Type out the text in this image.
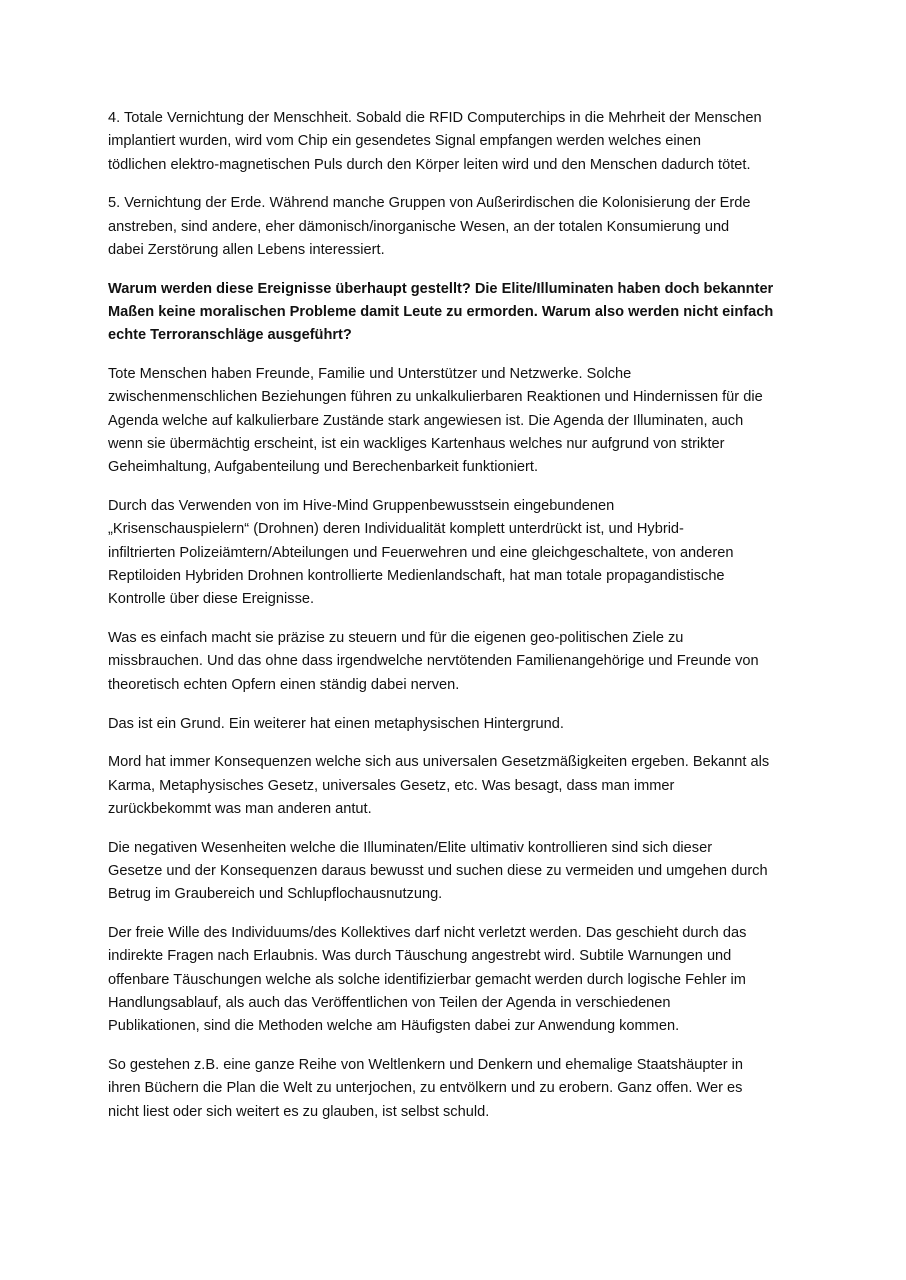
4. Totale Vernichtung der Menschheit. Sobald die RFID Computerchips in die Mehrheit der Menschen
implantiert wurden, wird vom Chip ein gesendetes Signal empfangen werden welches einen
tödlichen elektro-magnetischen Puls durch den Körper leiten wird und den Menschen dadurch tötet.

5. Vernichtung der Erde. Während manche Gruppen von Außerirdischen die Kolonisierung der Erde
anstreben, sind andere, eher dämonisch/inorganische Wesen, an der totalen Konsumierung und
dabei Zerstörung allen Lebens interessiert.

Warum werden diese Ereignisse überhaupt gestellt? Die Elite/Illuminaten haben doch bekannter
Maßen keine moralischen Probleme damit Leute zu ermorden. Warum also werden nicht einfach
echte Terroranschläge ausgeführt?

Tote Menschen haben Freunde, Familie und Unterstützer und Netzwerke. Solche
zwischenmenschlichen Beziehungen führen zu unkalkulierbaren Reaktionen und Hindernissen für die
Agenda welche auf kalkulierbare Zustände stark angewiesen ist. Die Agenda der Illuminaten, auch
wenn sie übermächtig erscheint, ist ein wackliges Kartenhaus welches nur aufgrund von strikter
Geheimhaltung, Aufgabenteilung und Berechenbarkeit funktioniert.

Durch das Verwenden von im Hive-Mind Gruppenbewusstsein eingebundenen
„Krisenschauspielern“ (Drohnen) deren Individualität komplett unterdrückt ist, und Hybrid-
infiltrierten Polizeiämtern/Abteilungen und Feuerwehren und eine gleichgeschaltete, von anderen
Reptiloiden Hybriden Drohnen kontrollierte Medienlandschaft, hat man totale propagandistische
Kontrolle über diese Ereignisse.

Was es einfach macht sie präzise zu steuern und für die eigenen geo-politischen Ziele zu
missbrauchen. Und das ohne dass irgendwelche nervtötenden Familienangehörige und Freunde von
theoretisch echten Opfern einen ständig dabei nerven.

Das ist ein Grund. Ein weiterer hat einen metaphysischen Hintergrund.

Mord hat immer Konsequenzen welche sich aus universalen Gesetzmäßigkeiten ergeben. Bekannt als
Karma, Metaphysisches Gesetz, universales Gesetz, etc. Was besagt, dass man immer
zurückbekommt was man anderen antut.

Die negativen Wesenheiten welche die Illuminaten/Elite ultimativ kontrollieren sind sich dieser
Gesetze und der Konsequenzen daraus bewusst und suchen diese zu vermeiden und umgehen durch
Betrug im Graubereich und Schlupflochausnutzung.

Der freie Wille des Individuums/des Kollektives darf nicht verletzt werden. Das geschieht durch das
indirekte Fragen nach Erlaubnis. Was durch Täuschung angestrebt wird. Subtile Warnungen und
offenbare Täuschungen welche als solche identifizierbar gemacht werden durch logische Fehler im
Handlungsablauf, als auch das Veröffentlichen von Teilen der Agenda in verschiedenen
Publikationen, sind die Methoden welche am Häufigsten dabei zur Anwendung kommen.

So gestehen z.B. eine ganze Reihe von Weltlenkern und Denkern und ehemalige Staatshäupter in
ihren Büchern die Plan die Welt zu unterjochen, zu entvölkern und zu erobern. Ganz offen. Wer es
nicht liest oder sich weitert es zu glauben, ist selbst schuld.
